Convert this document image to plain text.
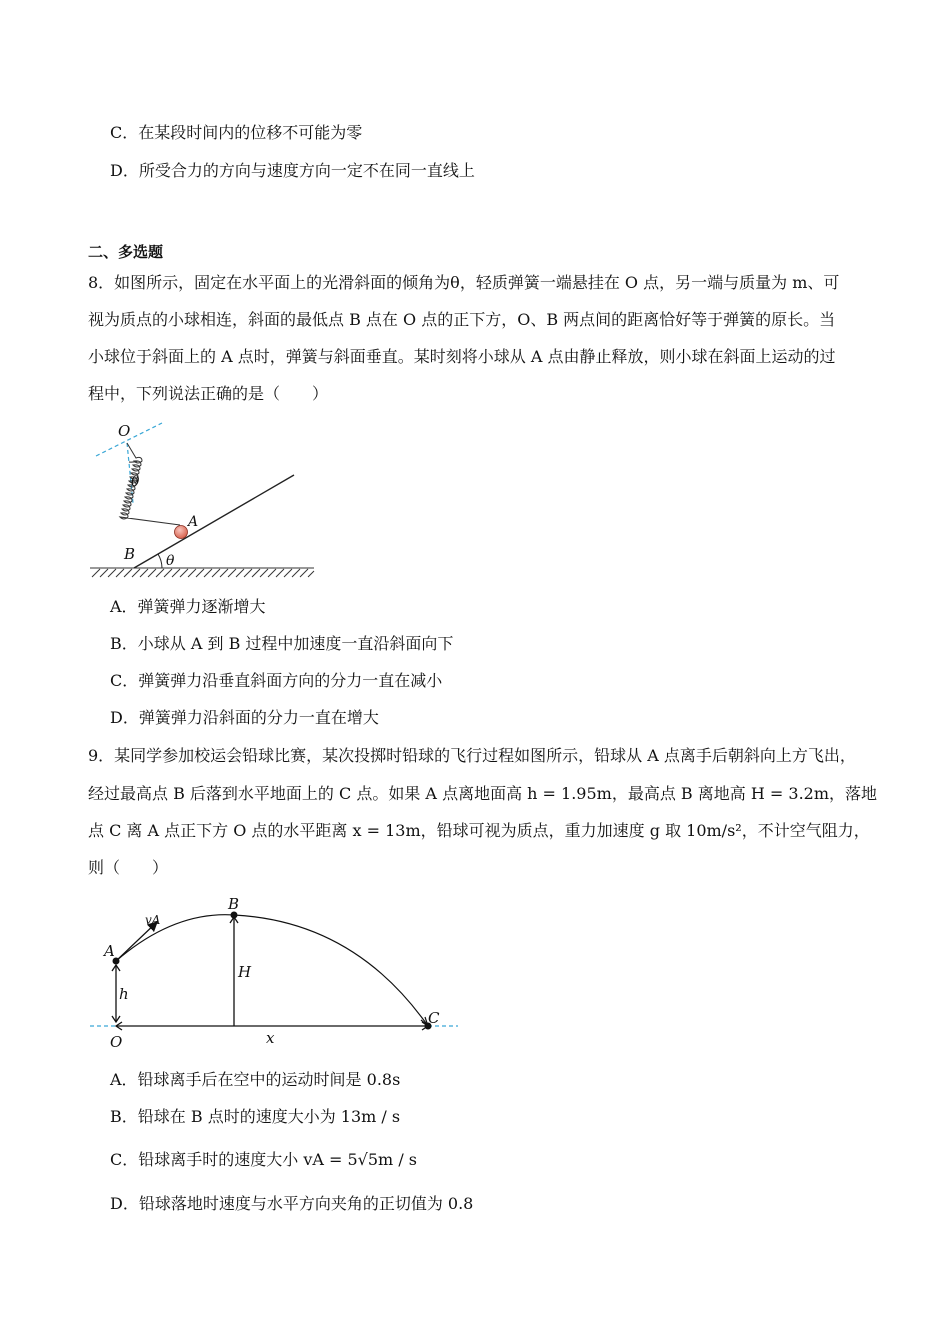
C．在某段时间内的位移不可能为零
D．所受合力的方向与速度方向一定不在同一直线上
二、多选题
8．如图所示，固定在水平面上的光滑斜面的倾角为θ，轻质弹簧一端悬挂在 O 点，另一端与质量为 m、可
视为质点的小球相连，斜面的最低点 B 点在 O 点的正下方，O、B 两点间的距离恰好等于弹簧的原长。当
小球位于斜面上的 A 点时，弹簧与斜面垂直。某时刻将小球从 A 点由静止释放，则小球在斜面上运动的过
程中，下列说法正确的是（　　）
O
θ
A
B θ
A．弹簧弹力逐渐增大
B．小球从 A 到 B 过程中加速度一直沿斜面向下
C．弹簧弹力沿垂直斜面方向的分力一直在减小
D．弹簧弹力沿斜面的分力一直在增大
9．某同学参加校运会铅球比赛，某次投掷时铅球的飞行过程如图所示，铅球从 A 点离手后朝斜向上方飞出，
经过最高点 B 后落到水平地面上的 C 点。如果 A 点离地面高 h = 1.95m，最高点 B 离地高 H = 3.2m，落地
点 C 离 A 点正下方 O 点的水平距离 x = 13m，铅球可视为质点，重力加速度 g 取 10m/s²，不计空气阻力，
则（　　）
A
B
C
O
h
H
x
vA
A．铅球离手后在空中的运动时间是 0.8s
B．铅球在 B 点时的速度大小为 13m / s
C．铅球离手时的速度大小 vA = 5√5m / s
D．铅球落地时速度与水平方向夹角的正切值为 0.8
